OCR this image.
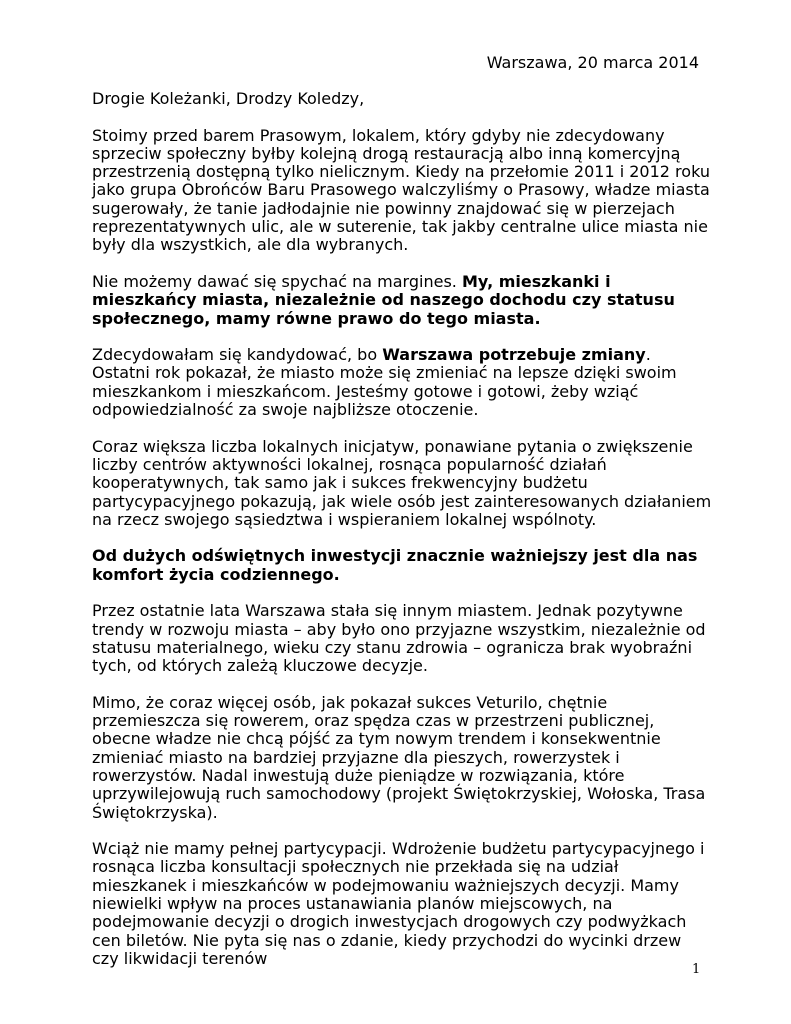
Warszawa, 20 marca 2014

Drogie Koleżanki, Drodzy Koledzy,

Stoimy przed barem Prasowym, lokalem, który gdyby nie zdecydowany sprzeciw społeczny byłby kolejną drogą restauracją albo inną komercyjną przestrzenią dostępną tylko nielicznym. Kiedy na przełomie 2011 i 2012 roku jako grupa Obrońców Baru Prasowego walczyliśmy o Prasowy, władze miasta sugerowały, że tanie jadłodajnie nie powinny znajdować się w pierzejach reprezentatywnych ulic, ale w suterenie, tak jakby centralne ulice miasta nie były dla wszystkich, ale dla wybranych.

Nie możemy dawać się spychać na margines. My, mieszkanki i mieszkańcy miasta, niezależnie od naszego dochodu czy statusu społecznego, mamy równe prawo do tego miasta.

Zdecydowałam się kandydować, bo Warszawa potrzebuje zmiany. Ostatni rok pokazał, że miasto może się zmieniać na lepsze dzięki swoim mieszkankom i mieszkańcom. Jesteśmy gotowe i gotowi, żeby wziąć odpowiedzialność za swoje najbliższe otoczenie.

Coraz większa liczba lokalnych inicjatyw, ponawiane pytania o zwiększenie liczby centrów aktywności lokalnej, rosnąca popularność działań kooperatywnych, tak samo jak i sukces frekwencyjny budżetu partycypacyjnego pokazują, jak wiele osób jest zainteresowanych działaniem na rzecz swojego sąsiedztwa i wspieraniem lokalnej wspólnoty.

Od dużych odświętnych inwestycji znacznie ważniejszy jest dla nas komfort życia codziennego.

Przez ostatnie lata Warszawa stała się innym miastem. Jednak pozytywne trendy w rozwoju miasta – aby było ono przyjazne wszystkim, niezależnie od statusu materialnego, wieku czy stanu zdrowia – ogranicza brak wyobraźni tych, od których zależą kluczowe decyzje.

Mimo, że coraz więcej osób, jak pokazał sukces Veturilo, chętnie przemieszcza się rowerem, oraz spędza czas w przestrzeni publicznej, obecne władze nie chcą pójść za tym nowym trendem i konsekwentnie zmieniać miasto na bardziej przyjazne dla pieszych, rowerzystek i rowerzystów. Nadal inwestują duże pieniądze w rozwiązania, które uprzywilejowują ruch samochodowy (projekt Świętokrzyskiej, Wołoska, Trasa Świętokrzyska).

Wciąż nie mamy pełnej partycypacji. Wdrożenie budżetu partycypacyjnego i rosnąca liczba konsultacji społecznych nie przekłada się na udział mieszkanek i mieszkańców w podejmowaniu ważniejszych decyzji. Mamy niewielki wpływ na proces ustanawiania planów miejscowych, na podejmowanie decyzji o drogich inwestycjach drogowych czy podwyżkach cen biletów. Nie pyta się nas o zdanie, kiedy przychodzi do wycinki drzew czy likwidacji terenów

1
